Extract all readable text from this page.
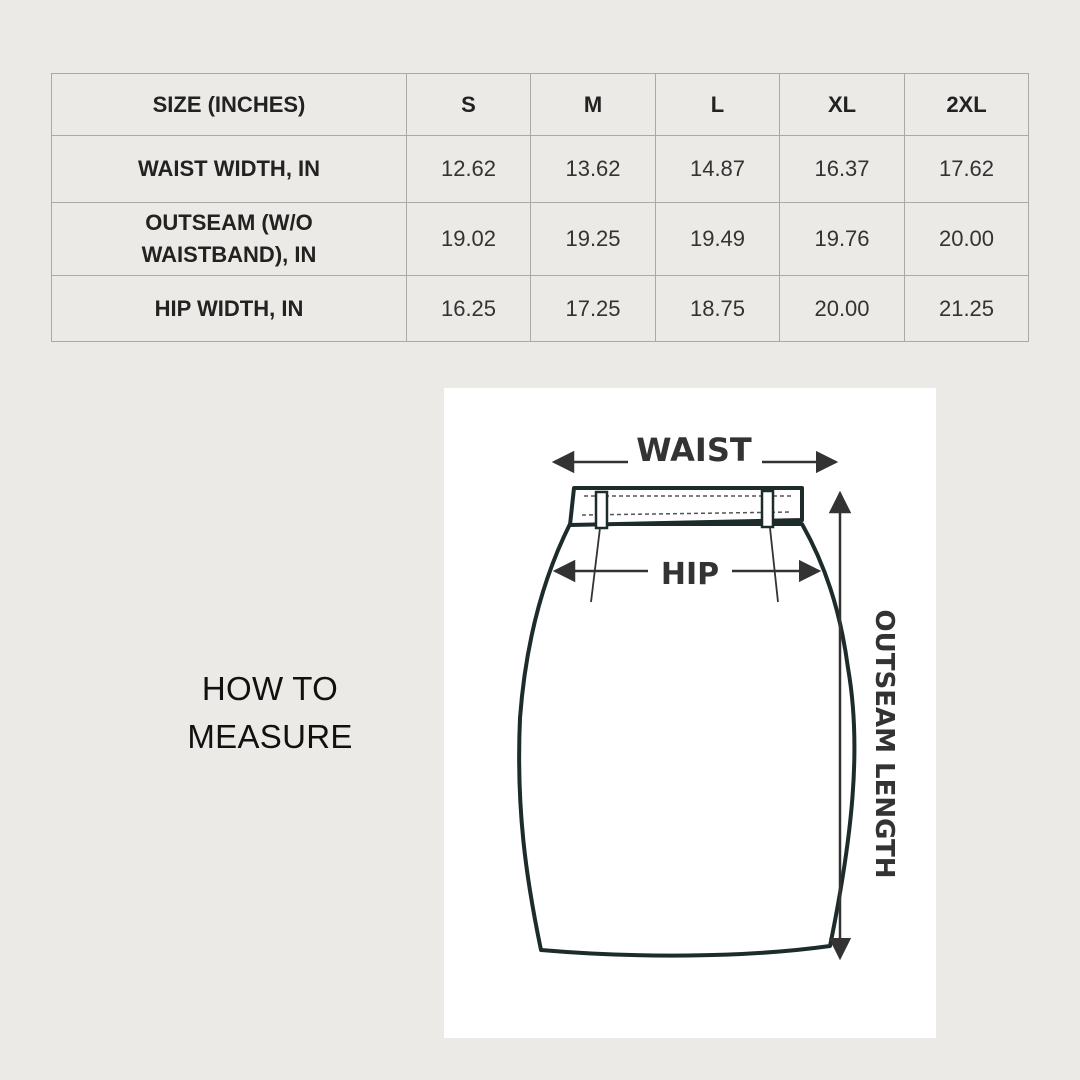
SIZE (INCHES)	S	M	L	XL	2XL
WAIST WIDTH, IN	12.62	13.62	14.87	16.37	17.62

OUTSEAM (W/O WAISTBAND), IN	19.02	19.25	19.49	19.76	20.00
HIP WIDTH, IN	16.25	17.25	18.75	20.00	21.25
HOW TO
MEASURE
WAIST
HIP
OUTSEAM LENGTH
